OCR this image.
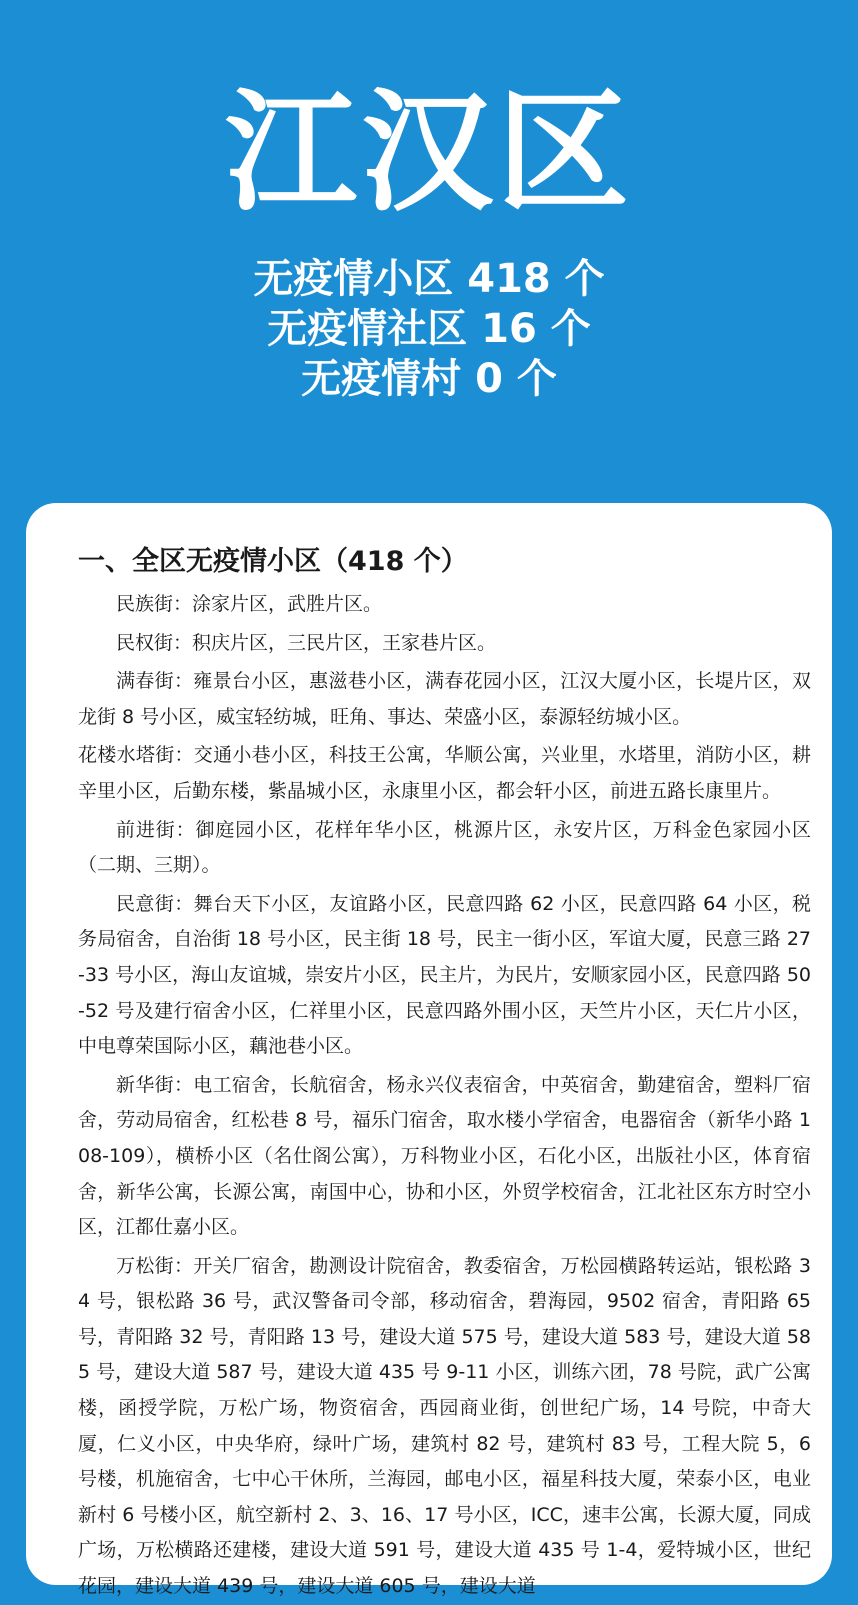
江汉区

无疫情小区 418 个

无疫情社区 16 个

无疫情村 0 个

一、全区无疫情小区（418 个）

民族街：涂家片区，武胜片区。

民权街：积庆片区，三民片区，王家巷片区。

满春街：雍景台小区，惠滋巷小区，满春花园小区，江汉大厦小区，长堤片区，双龙街 8 号小区，威宝轻纺城，旺角、事达、荣盛小区，泰源轻纺城小区。

花楼水塔街：交通小巷小区，科技王公寓，华顺公寓，兴业里，水塔里，消防小区，耕辛里小区，后勤东楼，紫晶城小区，永康里小区，都会轩小区，前进五路长康里片。

前进街：御庭园小区，花样年华小区，桃源片区，永安片区，万科金色家园小区（二期、三期）。

民意街：舞台天下小区，友谊路小区，民意四路 62 小区，民意四路 64 小区，税务局宿舍，自治街 18 号小区，民主街 18 号，民主一街小区，军谊大厦，民意三路 27-33 号小区，海山友谊城，崇安片小区，民主片，为民片，安顺家园小区，民意四路 50-52 号及建行宿舍小区，仁祥里小区，民意四路外围小区，天竺片小区，天仁片小区，中电尊荣国际小区，藕池巷小区。

新华街：电工宿舍，长航宿舍，杨永兴仪表宿舍，中英宿舍，勤建宿舍，塑料厂宿舍，劳动局宿舍，红松巷 8 号，福乐门宿舍，取水楼小学宿舍，电器宿舍（新华小路 108-109），横桥小区（名仕阁公寓），万科物业小区，石化小区，出版社小区，体育宿舍，新华公寓，长源公寓，南国中心，协和小区，外贸学校宿舍，江北社区东方时空小区，江都仕嘉小区。

万松街：开关厂宿舍，勘测设计院宿舍，教委宿舍，万松园横路转运站，银松路 34 号，银松路 36 号，武汉警备司令部，移动宿舍，碧海园，9502 宿舍，青阳路 65 号，青阳路 32 号，青阳路 13 号，建设大道 575 号，建设大道 583 号，建设大道 585 号，建设大道 587 号，建设大道 435 号 9-11 小区，训练六团，78 号院，武广公寓楼，函授学院，万松广场，物资宿舍，西园商业街，创世纪广场，14 号院，中奇大厦，仁义小区，中央华府，绿叶广场，建筑村 82 号，建筑村 83 号，工程大院 5，6 号楼，机施宿舍，七中心干休所，兰海园，邮电小区，福星科技大厦，荣泰小区，电业新村 6 号楼小区，航空新村 2、3、16、17 号小区，ICC，速丰公寓，长源大厦，同成广场，万松横路还建楼，建设大道 591 号，建设大道 435 号 1-4，爱特城小区，世纪花园，建设大道 439 号，建设大道 605 号，建设大道
